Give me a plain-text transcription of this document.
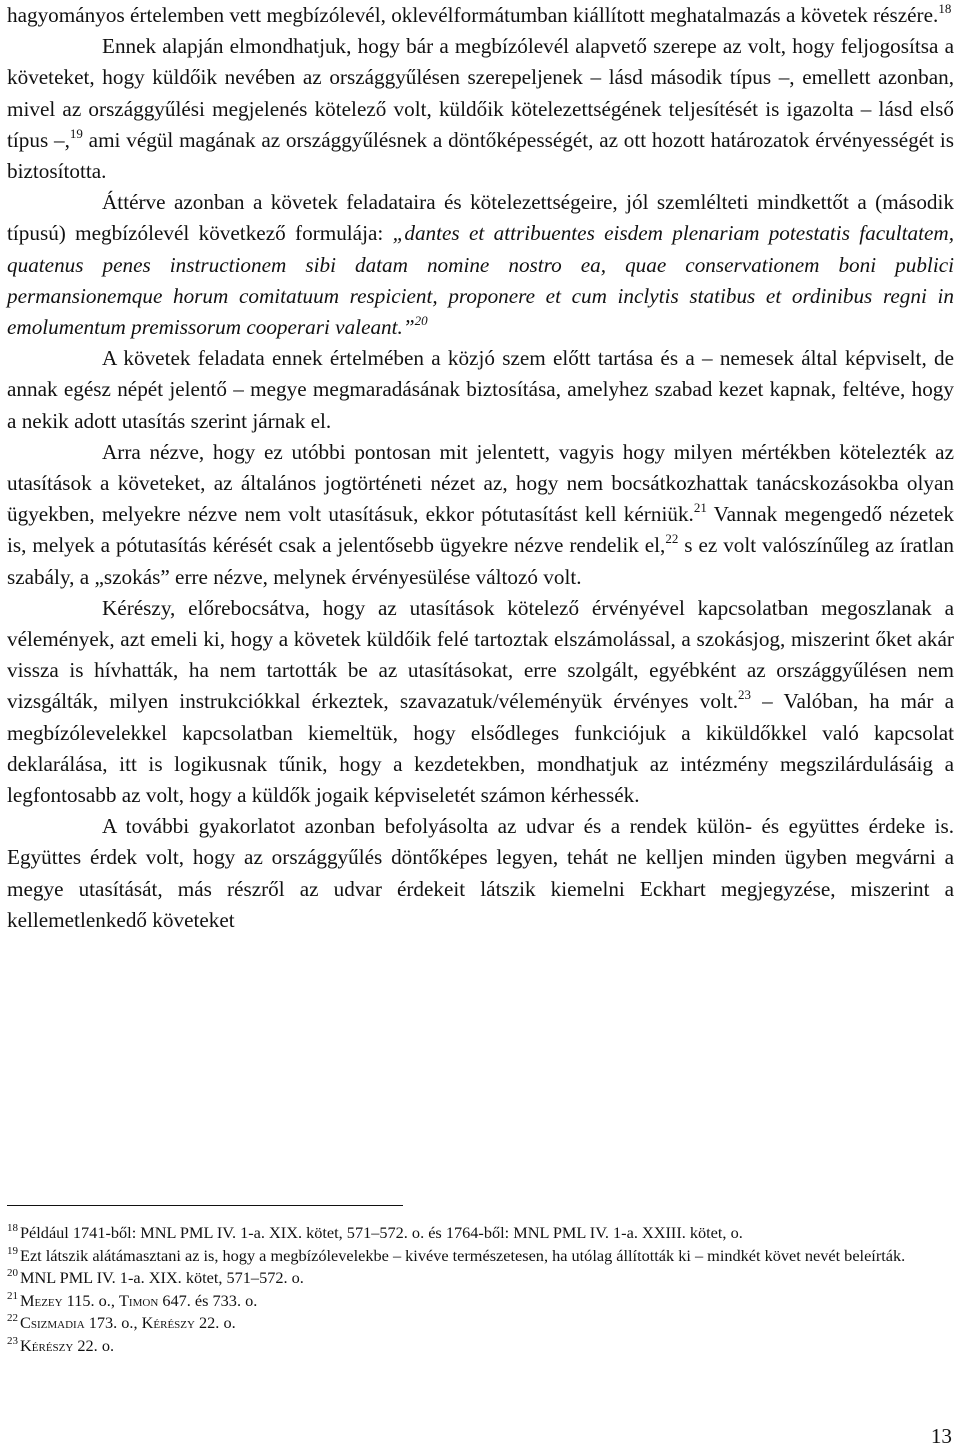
hagyományos értelemben vett megbízólevél, oklevélformátumban kiállított meghatalmazás a követek részére.$^{18}$

Ennek alapján elmondhatjuk, hogy bár a megbízólevél alapvető szerepe az volt, hogy feljogosítsa a követeket, hogy küldőik nevében az országgyűlésen szerepeljenek – lásd második típus –, emellett azonban, mivel az országgyűlési megjelenés kötelező volt, küldőik kötelezettségének teljesítését is igazolta – lásd első típus –,$^{19}$ ami végül magának az országgyűlésnek a döntőképességét, az ott hozott határozatok érvényességét is biztosította.

Áttérve azonban a követek feladataira és kötelezettségeire, jól szemlélteti mindkettőt a (második típusú) megbízólevél következő formulája: „dantes et attribuentes eisdem plenariam potestatis facultatem, quatenus penes instructionem sibi datam nomine nostro ea, quae conservationem boni publici permansionemque horum comitatuum respicient, proponere et cum inclytis statibus et ordinibus regni in emolumentum premissorum cooperari valeant.”$^{20}$

A követek feladata ennek értelmében a közjó szem előtt tartása és a – nemesek által képviselt, de annak egész népét jelentő – megye megmaradásának biztosítása, amelyhez szabad kezet kapnak, feltéve, hogy a nekik adott utasítás szerint járnak el.

Arra nézve, hogy ez utóbbi pontosan mit jelentett, vagyis hogy milyen mértékben kötelezték az utasítások a követeket, az általános jogtörténeti nézet az, hogy nem bocsátkozhattak tanácskozásokba olyan ügyekben, melyekre nézve nem volt utasításuk, ekkor pótutasítást kell kérniük.$^{21}$ Vannak megengedő nézetek is, melyek a pótutasítás kérését csak a jelentősebb ügyekre nézve rendelik el,$^{22}$ s ez volt valószínűleg az íratlan szabály, a „szokás” erre nézve, melynek érvényesülése változó volt.

Kérészy, előrebocsátva, hogy az utasítások kötelező érvényével kapcsolatban megoszlanak a vélemények, azt emeli ki, hogy a követek küldőik felé tartoztak elszámolással, a szokásjog, miszerint őket akár vissza is hívhatták, ha nem tartották be az utasításokat, erre szolgált, egyébként az országgyűlésen nem vizsgálták, milyen instrukciókkal érkeztek, szavazatuk/véleményük érvényes volt.$^{23}$ – Valóban, ha már a megbízólevelekkel kapcsolatban kiemeltük, hogy elsődleges funkciójuk a kiküldőkkel való kapcsolat deklarálása, itt is logikusnak tűnik, hogy a kezdetekben, mondhatjuk az intézmény megszilárdulásáig a legfontosabb az volt, hogy a küldők jogaik képviseletét számon kérhessék.

A további gyakorlatot azonban befolyásolta az udvar és a rendek külön- és együttes érdeke is. Együttes érdek volt, hogy az országgyűlés döntőképes legyen, tehát ne kelljen minden ügyben megvárni a megye utasítását, más részről az udvar érdekeit látszik kiemelni Eckhart megjegyzése, miszerint a kellemetlenkedő követeket

$^{18}$ Például 1741-ből: MNL PML IV. 1-a. XIX. kötet, 571–572. o. és 1764-ből: MNL PML IV. 1-a. XXIII. kötet, o.

$^{19}$ Ezt látszik alátámasztani az is, hogy a megbízólevelekbe – kivéve természetesen, ha utólag állították ki – mindkét követ nevét beleírták.

$^{20}$ MNL PML IV. 1-a. XIX. kötet, 571–572. o.

$^{21}$ Mezey 115. o., Timon 647. és 733. o.

$^{22}$ Csizmadia 173. o., Kérészy 22. o.

$^{23}$ Kérészy 22. o.

13
